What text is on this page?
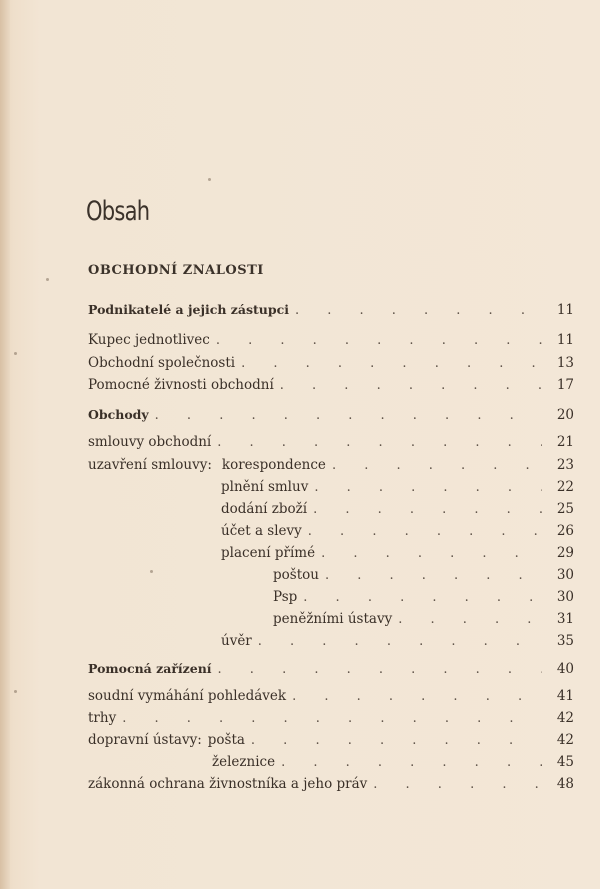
Obsah
OBCHODNÍ ZNALOSTI
Podnikatelé a jejich zástupci . . .	11
Kupec jednotlivec . . .	11
Obchodní společnosti . . .	13
Pomocné živnosti obchodní . . .	17
Obchody . . .	20
smlouvy obchodní . . .	21
uzavření smlouvy: korespondence . . .	23
plnění smluv . . .	22
dodání zboží . . .	25
účet a slevy . . .	26
placení přímé . . .	29
poštou . . .	30
Psp . . .	30
peněžními ústavy . . .	31
úvěr . . .	35
Pomocná zařízení . . .	40
soudní vymáhání pohledávek . . .	41
trhy . . .	42
dopravní ústavy: pošta . . .	42
železnice . . .	45
zákonná ochrana živnostníka a jeho práv . . .	48
